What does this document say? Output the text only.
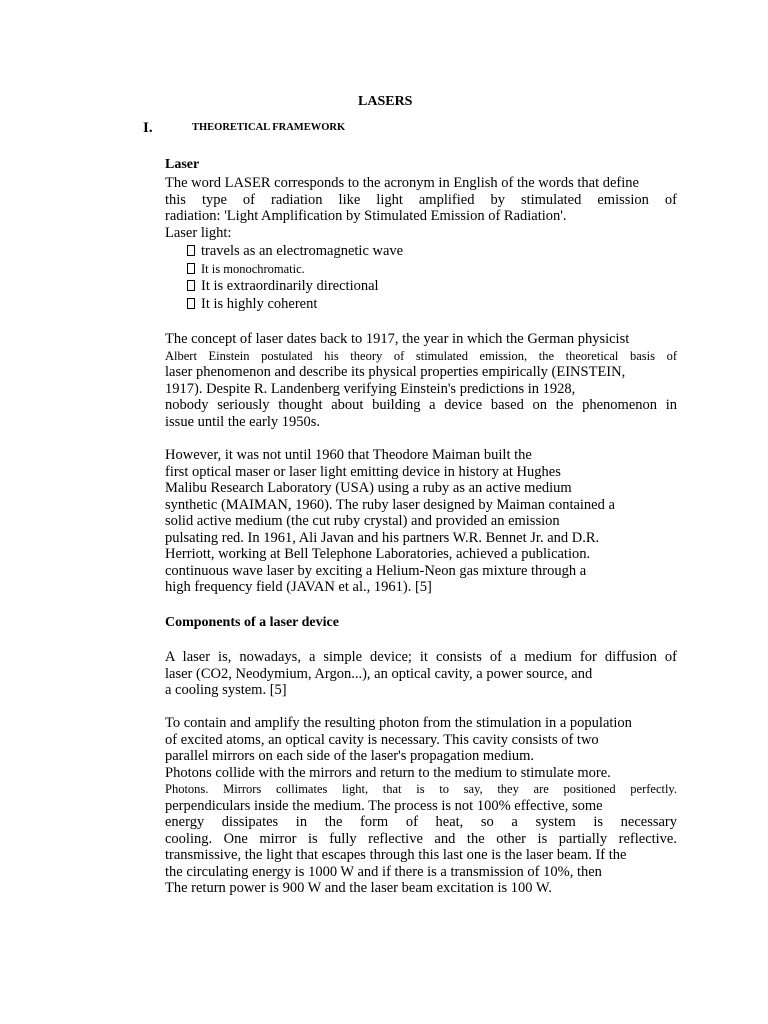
LASERS
I.	THEORETICAL FRAMEWORK
Laser
The word LASER corresponds to the acronym in English of the words that define
this type of radiation like light amplified by stimulated emission of
radiation: 'Light Amplification by Stimulated Emission of Radiation'.
Laser light:
travels as an electromagnetic wave
It is monochromatic.
It is extraordinarily directional
It is highly coherent
The concept of laser dates back to 1917, the year in which the German physicist
Albert Einstein postulated his theory of stimulated emission, the theoretical basis of
laser phenomenon and describe its physical properties empirically (EINSTEIN,
1917). Despite R. Landenberg verifying Einstein's predictions in 1928,
nobody seriously thought about building a device based on the phenomenon in
issue until the early 1950s.
However, it was not until 1960 that Theodore Maiman built the
first optical maser or laser light emitting device in history at Hughes
Malibu Research Laboratory (USA) using a ruby as an active medium
synthetic (MAIMAN, 1960). The ruby laser designed by Maiman contained a
solid active medium (the cut ruby crystal) and provided an emission
pulsating red. In 1961, Ali Javan and his partners W.R. Bennet Jr. and D.R.
Herriott, working at Bell Telephone Laboratories, achieved a publication.
continuous wave laser by exciting a Helium-Neon gas mixture through a
high frequency field (JAVAN et al., 1961). [5]
Components of a laser device
A laser is, nowadays, a simple device; it consists of a medium for diffusion of
laser (CO2, Neodymium, Argon...), an optical cavity, a power source, and
a cooling system. [5]
To contain and amplify the resulting photon from the stimulation in a population
of excited atoms, an optical cavity is necessary. This cavity consists of two
parallel mirrors on each side of the laser's propagation medium.
Photons collide with the mirrors and return to the medium to stimulate more.
Photons. Mirrors collimates light, that is to say, they are positioned perfectly.
perpendiculars inside the medium. The process is not 100% effective, some
energy dissipates in the form of heat, so a system is necessary
cooling. One mirror is fully reflective and the other is partially reflective.
transmissive, the light that escapes through this last one is the laser beam. If the
the circulating energy is 1000 W and if there is a transmission of 10%, then
The return power is 900 W and the laser beam excitation is 100 W.
